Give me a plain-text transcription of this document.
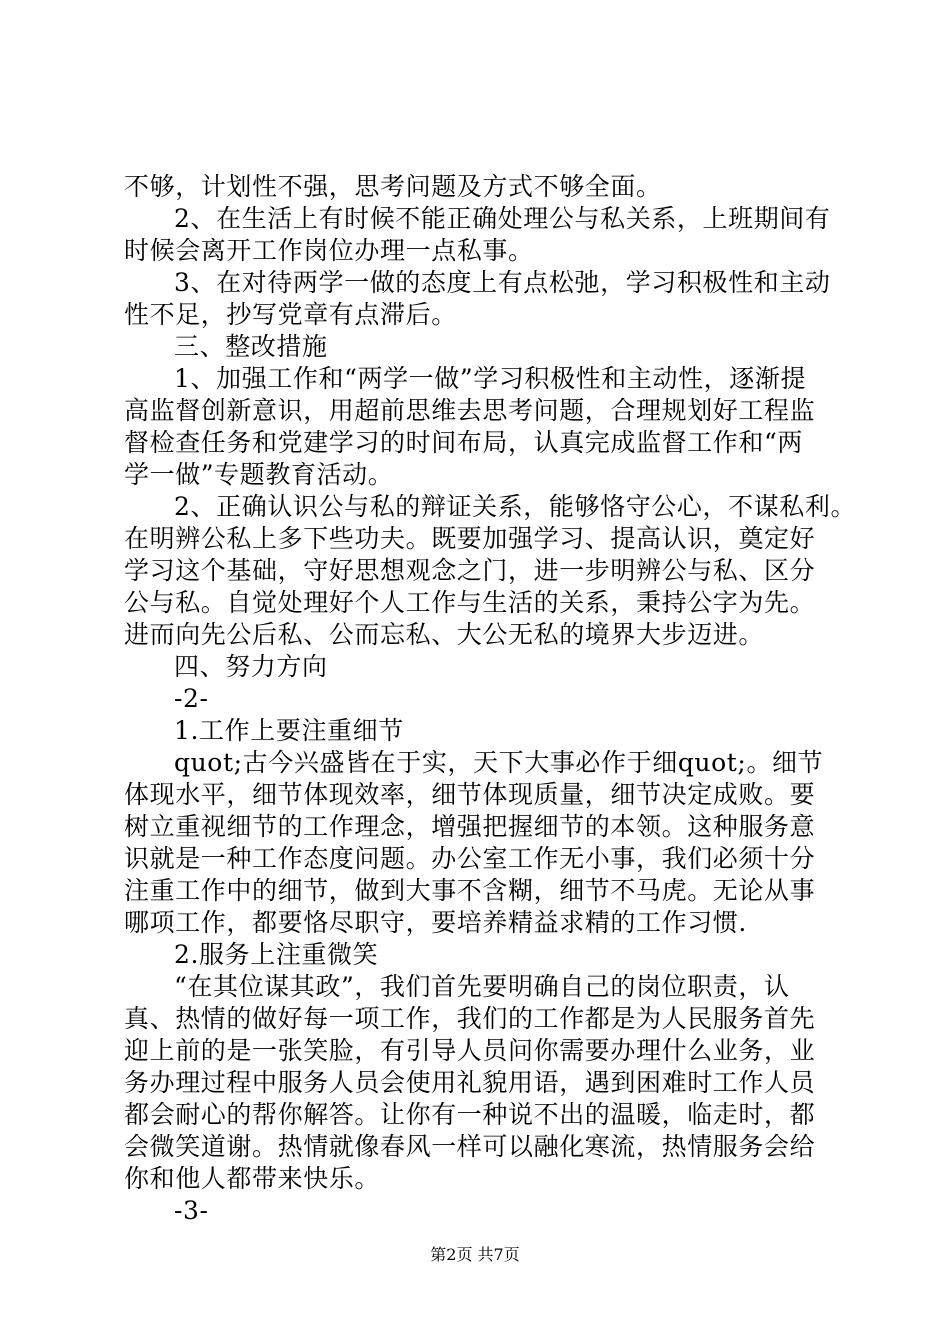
不够，计划性不强，思考问题及方式不够全面。
2、在生活上有时候不能正确处理公与私关系，上班期间有
时候会离开工作岗位办理一点私事。
3、在对待两学一做的态度上有点松弛，学习积极性和主动
性不足，抄写党章有点滞后。
三、整改措施
1、加强工作和“两学一做”学习积极性和主动性，逐渐提
高监督创新意识，用超前思维去思考问题，合理规划好工程监
督检查任务和党建学习的时间布局，认真完成监督工作和“两
学一做”专题教育活动。
2、正确认识公与私的辩证关系，能够恪守公心，不谋私利。
在明辨公私上多下些功夫。既要加强学习、提高认识，奠定好
学习这个基础，守好思想观念之门，进一步明辨公与私、区分
公与私。自觉处理好个人工作与生活的关系，秉持公字为先。
进而向先公后私、公而忘私、大公无私的境界大步迈进。
四、努力方向
-2-
1.工作上要注重细节
quot;古今兴盛皆在于实，天下大事必作于细quot;。细节
体现水平，细节体现效率，细节体现质量，细节决定成败。要
树立重视细节的工作理念，增强把握细节的本领。这种服务意
识就是一种工作态度问题。办公室工作无小事，我们必须十分
注重工作中的细节，做到大事不含糊，细节不马虎。无论从事
哪项工作，都要恪尽职守，要培养精益求精的工作习惯.
2.服务上注重微笑
“在其位谋其政”，我们首先要明确自己的岗位职责，认
真、热情的做好每一项工作，我们的工作都是为人民服务首先
迎上前的是一张笑脸，有引导人员问你需要办理什么业务，业
务办理过程中服务人员会使用礼貌用语，遇到困难时工作人员
都会耐心的帮你解答。让你有一种说不出的温暖，临走时，都
会微笑道谢。热情就像春风一样可以融化寒流，热情服务会给
你和他人都带来快乐。
-3-
第2页 共7页
